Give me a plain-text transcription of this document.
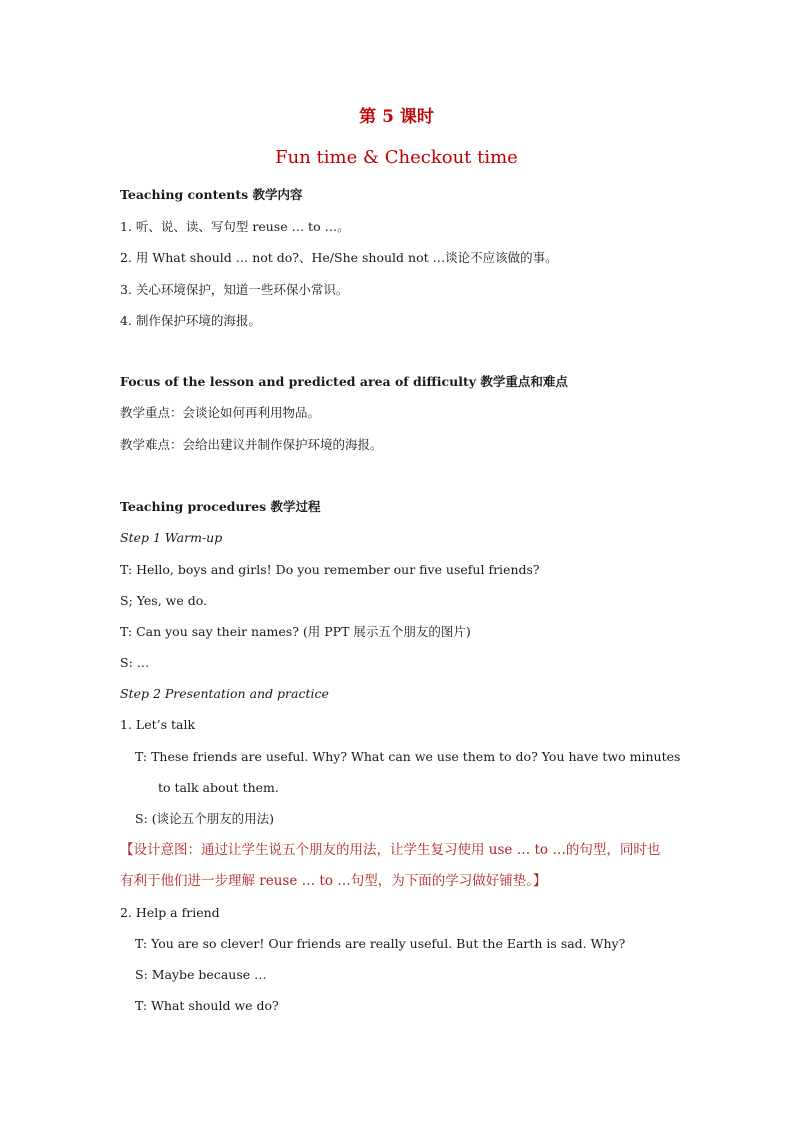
第 5 课时
Fun time & Checkout time
Teaching contents 教学内容
1. 听、说、读、写句型 reuse … to …。
2. 用 What should … not do?、He/She should not …谈论不应该做的事。
3. 关心环境保护，知道一些环保小常识。
4. 制作保护环境的海报。
Focus of the lesson and predicted area of difficulty 教学重点和难点
教学重点：会谈论如何再利用物品。
教学难点：会给出建议并制作保护环境的海报。
Teaching procedures 教学过程
Step 1 Warm-up
T: Hello, boys and girls! Do you remember our five useful friends?
S; Yes, we do.
T: Can you say their names? (用 PPT 展示五个朋友的图片)
S: …
Step 2 Presentation and practice
1. Let’s talk
T: These friends are useful. Why? What can we use them to do? You have two minutes
to talk about them.
S: (谈论五个朋友的用法)
【设计意图：通过让学生说五个朋友的用法，让学生复习使用 use … to …的句型，同时也
有利于他们进一步理解 reuse … to …句型，为下面的学习做好铺垫。】
2. Help a friend
T: You are so clever! Our friends are really useful. But the Earth is sad. Why?
S: Maybe because …
T: What should we do?
